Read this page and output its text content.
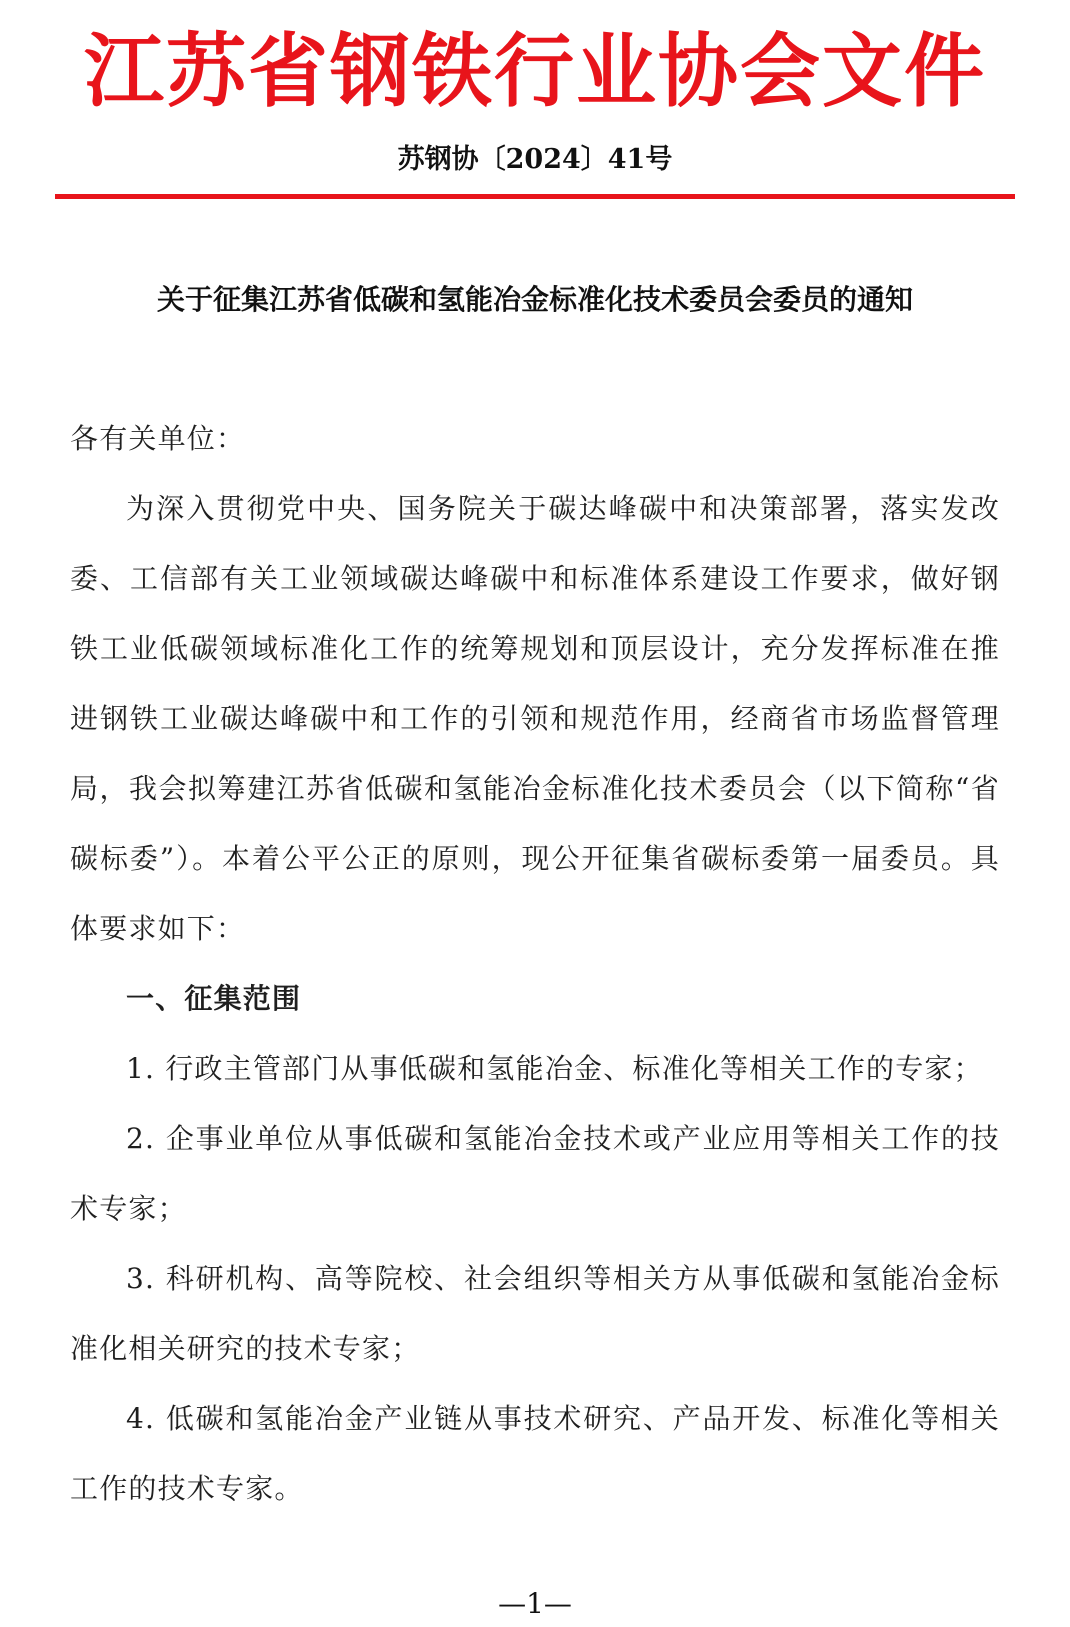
江苏省钢铁行业协会文件
苏钢协〔2024〕41号
关于征集江苏省低碳和氢能冶金标准化技术委员会委员的通知

各有关单位：

为深入贯彻党中央、国务院关于碳达峰碳中和决策部署，落实发改委、工信部有关工业领域碳达峰碳中和标准体系建设工作要求，做好钢铁工业低碳领域标准化工作的统筹规划和顶层设计，充分发挥标准在推进钢铁工业碳达峰碳中和工作的引领和规范作用，经商省市场监督管理局，我会拟筹建江苏省低碳和氢能冶金标准化技术委员会（以下简称“省碳标委”）。本着公平公正的原则，现公开征集省碳标委第一届委员。具体要求如下：

一、征集范围

1. 行政主管部门从事低碳和氢能冶金、标准化等相关工作的专家；

2. 企事业单位从事低碳和氢能冶金技术或产业应用等相关工作的技术专家；

3. 科研机构、高等院校、社会组织等相关方从事低碳和氢能冶金标准化相关研究的技术专家；

4. 低碳和氢能冶金产业链从事技术研究、产品开发、标准化等相关工作的技术专家。

—1—
